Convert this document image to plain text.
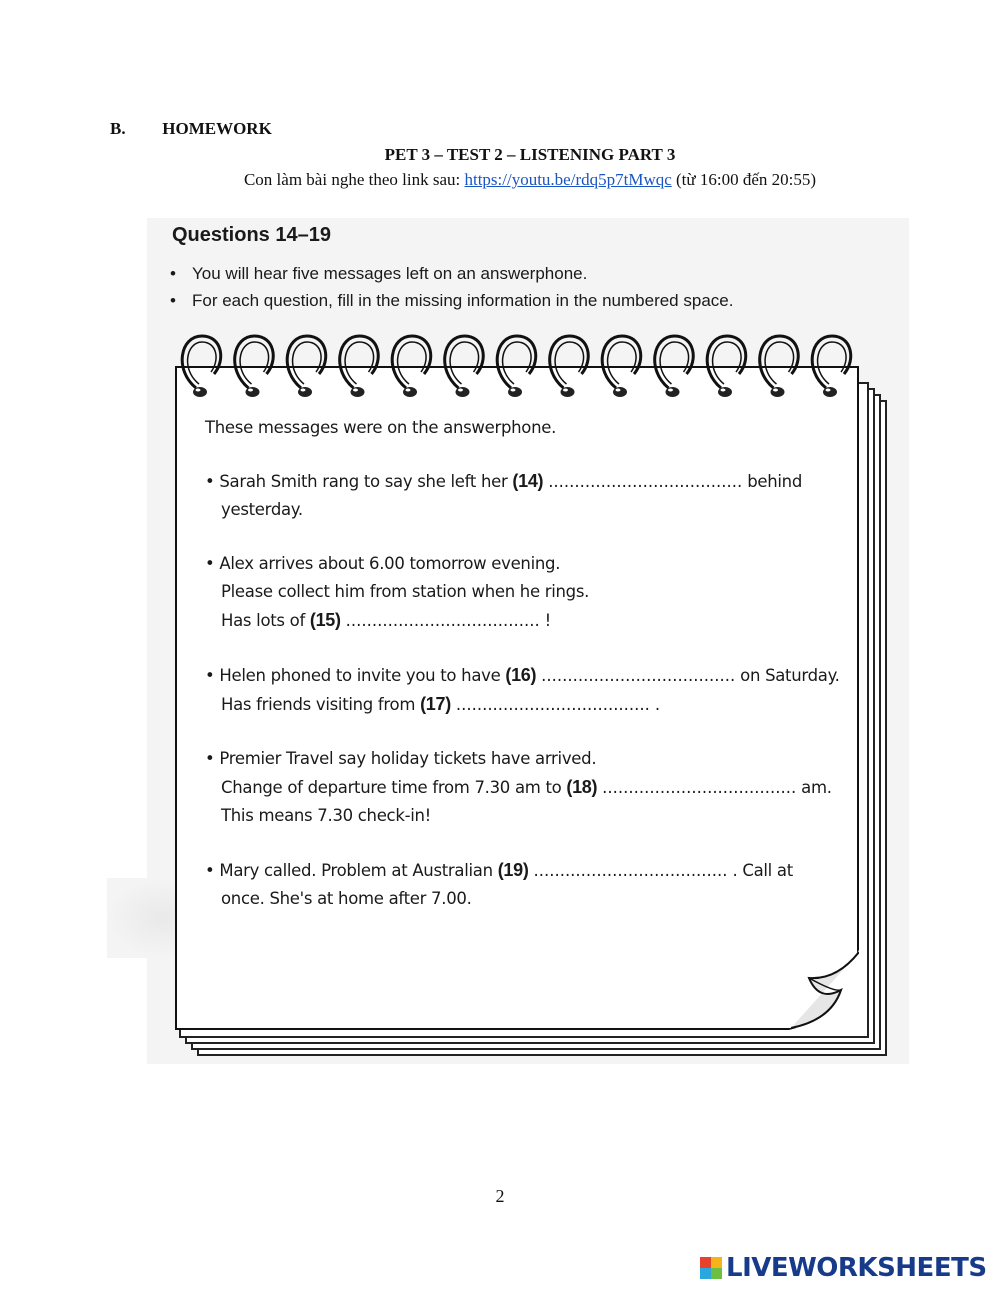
B. HOMEWORK
PET 3 – TEST 2 – LISTENING PART 3
Con làm bài nghe theo link sau: https://youtu.be/rdq5p7tMwqc (từ 16:00 đến 20:55)
Questions 14–19
• You will hear five messages left on an answerphone.
• For each question, fill in the missing information in the numbered space.
These messages were on the answerphone.
• Sarah Smith rang to say she left her (14) ..................................... behind
yesterday.
• Alex arrives about 6.00 tomorrow evening.
Please collect him from station when he rings.
Has lots of (15) ..................................... !
• Helen phoned to invite you to have (16) ..................................... on Saturday.
Has friends visiting from (17) ..................................... .
• Premier Travel say holiday tickets have arrived.
Change of departure time from 7.30 am to (18) ..................................... am.
This means 7.30 check-in!
• Mary called. Problem at Australian (19) ..................................... . Call at
once. She's at home after 7.00.
2
LIVEWORKSHEETS
